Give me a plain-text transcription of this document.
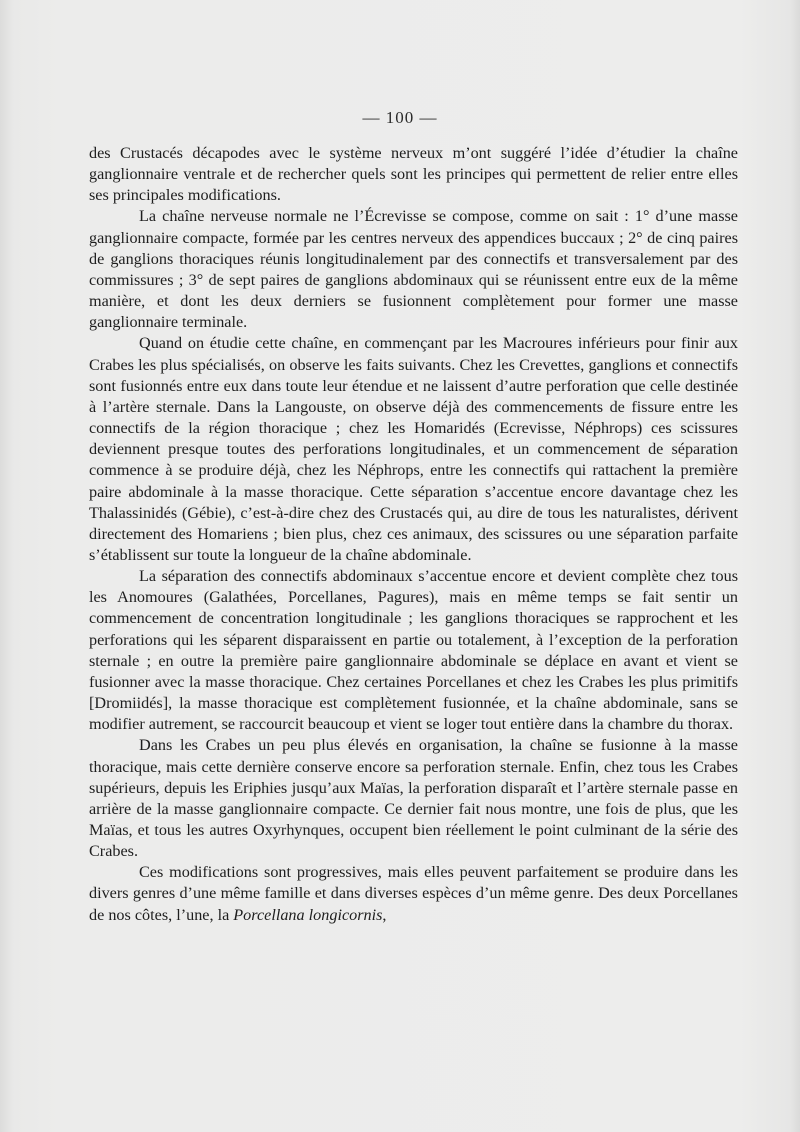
— 100 —

des Crustacés décapodes avec le système nerveux m’ont suggéré l’idée d’étudier la chaîne ganglionnaire ventrale et de rechercher quels sont les principes qui permettent de relier entre elles ses principales modifications.

La chaîne nerveuse normale ne l’Écrevisse se compose, comme on sait : 1° d’une masse ganglionnaire compacte, formée par les centres nerveux des appendices buccaux ; 2° de cinq paires de ganglions thoraciques réunis longitudinalement par des connectifs et transversalement par des commissures ; 3° de sept paires de ganglions abdominaux qui se réunissent entre eux de la même manière, et dont les deux derniers se fusionnent complètement pour former une masse ganglionnaire terminale.

Quand on étudie cette chaîne, en commençant par les Macroures inférieurs pour finir aux Crabes les plus spécialisés, on observe les faits suivants. Chez les Crevettes, ganglions et connectifs sont fusionnés entre eux dans toute leur étendue et ne laissent d’autre perforation que celle destinée à l’artère sternale. Dans la Langouste, on observe déjà des commencements de fissure entre les connectifs de la région thoracique ; chez les Homaridés (Ecrevisse, Néphrops) ces scissures deviennent presque toutes des perforations longitudinales, et un commencement de séparation commence à se produire déjà, chez les Néphrops, entre les connectifs qui rattachent la première paire abdominale à la masse thoracique. Cette séparation s’accentue encore davantage chez les Thalassinidés (Gébie), c’est-à-dire chez des Crustacés qui, au dire de tous les naturalistes, dérivent directement des Homariens ; bien plus, chez ces animaux, des scissures ou une séparation parfaite s’établissent sur toute la longueur de la chaîne abdominale.

La séparation des connectifs abdominaux s’accentue encore et devient complète chez tous les Anomoures (Galathées, Porcellanes, Pagures), mais en même temps se fait sentir un commencement de concentration longitudinale ; les ganglions thoraciques se rapprochent et les perforations qui les séparent disparaissent en partie ou totalement, à l’exception de la perforation sternale ; en outre la première paire ganglionnaire abdominale se déplace en avant et vient se fusionner avec la masse thoracique. Chez certaines Porcellanes et chez les Crabes les plus primitifs [Dromiidés], la masse thoracique est complètement fusionnée, et la chaîne abdominale, sans se modifier autrement, se raccourcit beaucoup et vient se loger tout entière dans la chambre du thorax.

Dans les Crabes un peu plus élevés en organisation, la chaîne se fusionne à la masse thoracique, mais cette dernière conserve encore sa perforation sternale. Enfin, chez tous les Crabes supérieurs, depuis les Eriphies jusqu’aux Maïas, la perforation disparaît et l’artère sternale passe en arrière de la masse ganglionnaire compacte. Ce dernier fait nous montre, une fois de plus, que les Maïas, et tous les autres Oxyrhynques, occupent bien réellement le point culminant de la série des Crabes.

Ces modifications sont progressives, mais elles peuvent parfaitement se produire dans les divers genres d’une même famille et dans diverses espèces d’un même genre. Des deux Porcellanes de nos côtes, l’une, la Porcellana longicornis,
